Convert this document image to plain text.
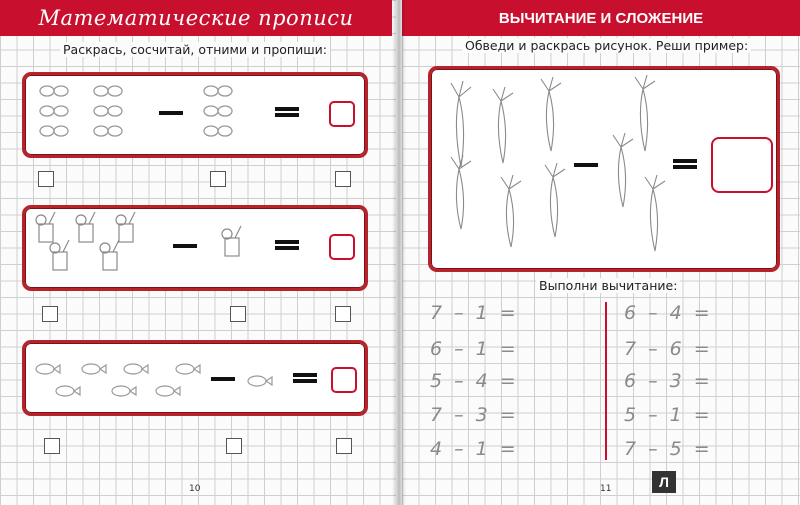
Математические прописи
Раскрась, сосчитай, отними и пропиши:
10
Обведи и раскрась рисунок. Реши пример:
Выполни вычитание:
7 – 1 =
6 – 1 =
5 – 4 =
7 – 3 =
4 – 1 =
6 – 4 =
7 – 6 =
6 – 3 =
5 – 1 =
7 – 5 =
11
ВЫЧИТАНИЕ И СЛОЖЕНИЕ
Л
